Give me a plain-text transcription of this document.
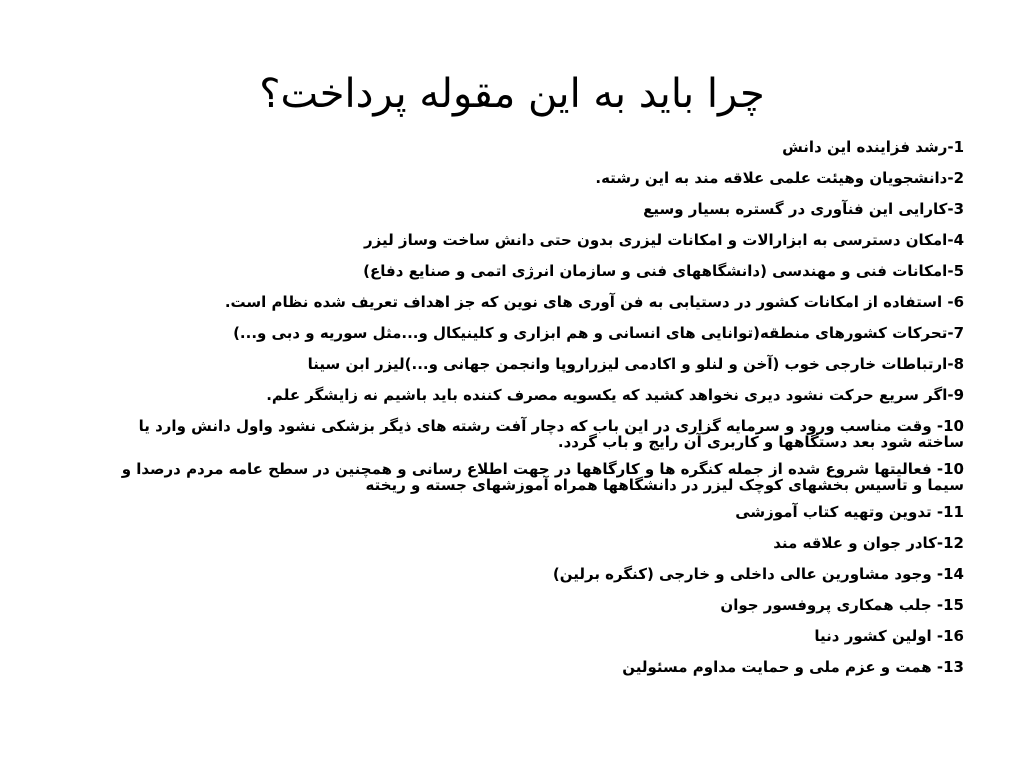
چرا باید به این مقوله پرداخت؟
1-رشد فزاینده این دانش
2-دانشجویان وهیئت علمی علاقه مند به این رشته.
3-کارایی این فنآوری در گستره بسیار وسیع
4-امکان دسترسی به ابزارالات و امکانات لیزری بدون حتی دانش ساخت وساز لیزر
5-امکانات فنی و مهندسی (دانشگاههای فنی و سازمان انرژی اتمی و صنایع دفاع)
6- استفاده از امکانات کشور در دستیابی به فن آوری های نوین که جز اهداف تعریف شده نظام است.
7-تحرکات کشورهای منطقه(توانایی های انسانی و هم ابزاری و کلینیکال و...مثل سوریه و دبی و...)
8-ارتباطات خارجی خوب (آخن و لنلو و اکادمی لیزراروپا وانجمن جهانی و...)لیزر ابن سینا
9-اگر سریع حرکت نشود دیری نخواهد کشید که یکسویه مصرف کننده باید باشیم نه زایشگر علم.
10- وقت مناسب ورود و سرمایه گزاری در این باب که دچار آفت رشته های ذیگر بزشکی نشود واول دانش وارد یا ساخته شود بعد دستگاهها و کاربری آن رایج و باب گردد.
10- فعالیتها شروع شده از جمله کنگره ها و کارگاهها در جهت اطلاع رسانی و همچنین در سطح عامه مردم درصدا و سیما و تاسیس بخشهای کوچک لیزر در دانشگاهها همراه آموزشهای جسته و ریخته
11- تدوین وتهیه کتاب آموزشی
12-کادر جوان و علاقه مند
14- وجود مشاورین عالی داخلی و خارجی (کنگره برلین)
15- جلب همکاری پروفسور جوان
16- اولین کشور دنیا
13- همت و عزم ملی و حمایت مداوم مسئولین
